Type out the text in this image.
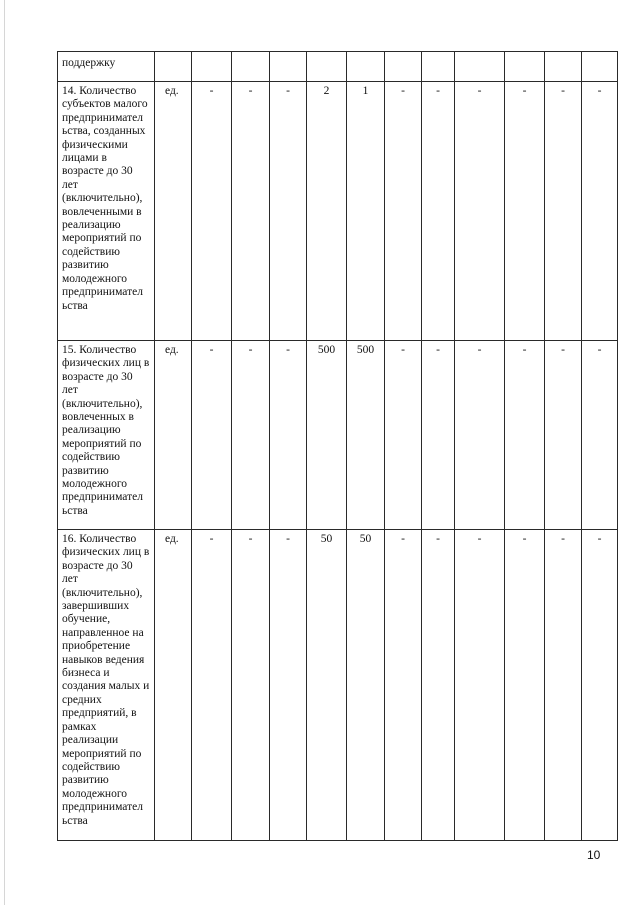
поддержку												
14. Количество субъектов малого предпринимател ьства, созданных физическими лицами в возрасте до 30 лет (включительно), вовлеченными в реализацию мероприятий по содействию развитию молодежного предпринимател ьства	ед.	-	-	-	2	1	-	-	-	-	-	-
15. Количество физических лиц в возрасте до 30 лет (включительно), вовлеченных в реализацию мероприятий по содействию развитию молодежного предпринимател ьства	ед.	-	-	-	500	500	-	-	-	-	-	-
16. Количество физических лиц в возрасте до 30 лет (включительно), завершивших обучение, направленное на приобретение навыков ведения бизнеса и создания малых и средних предприятий, в рамках реализации мероприятий по содействию развитию молодежного предпринимател ьства	ед.	-	-	-	50	50	-	-	-	-	-	-
10
